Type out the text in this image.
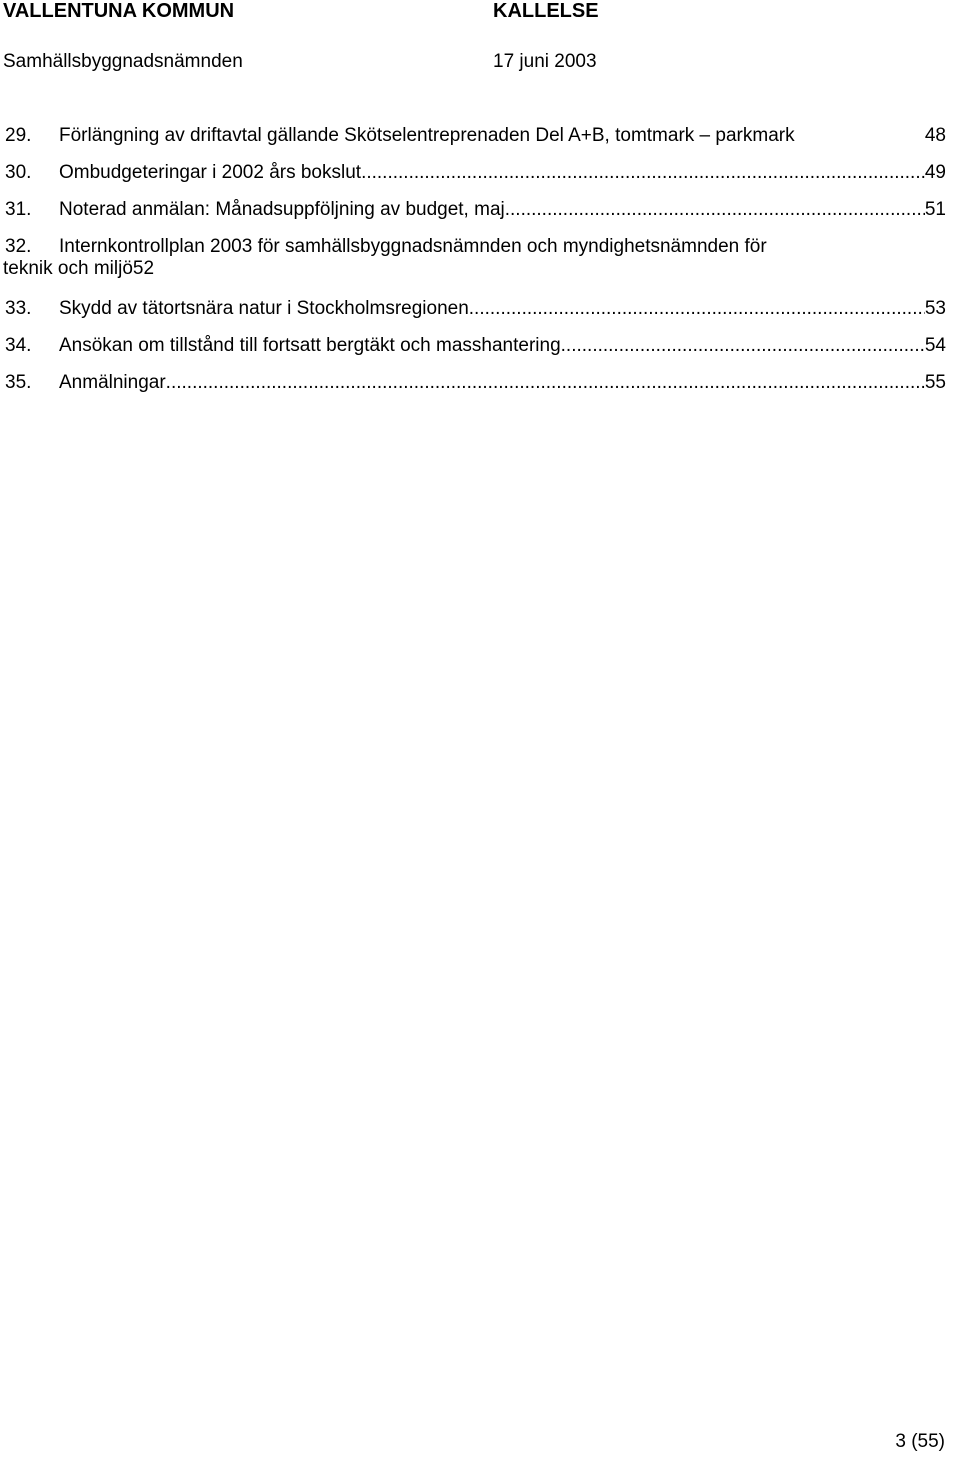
VALLENTUNA KOMMUN	KALLELSE
Samhällsbyggnadsnämnden	17 juni 2003
29. Förlängning av driftavtal gällande Skötselentreprenaden Del A+B, tomtmark – parkmark	48
30. Ombudgeteringar i 2002 års bokslut .....	49
31. Noterad anmälan: Månadsuppföljning av budget, maj .....	51
32. Internkontrollplan 2003 för samhällsbyggnadsnämnden och myndighetsnämnden för
teknik och miljö 52
33. Skydd av tätortsnära natur i Stockholmsregionen .....	53
34. Ansökan om tillstånd till fortsatt bergtäkt och masshantering .....	54
35. Anmälningar .....	55
3 (55)
